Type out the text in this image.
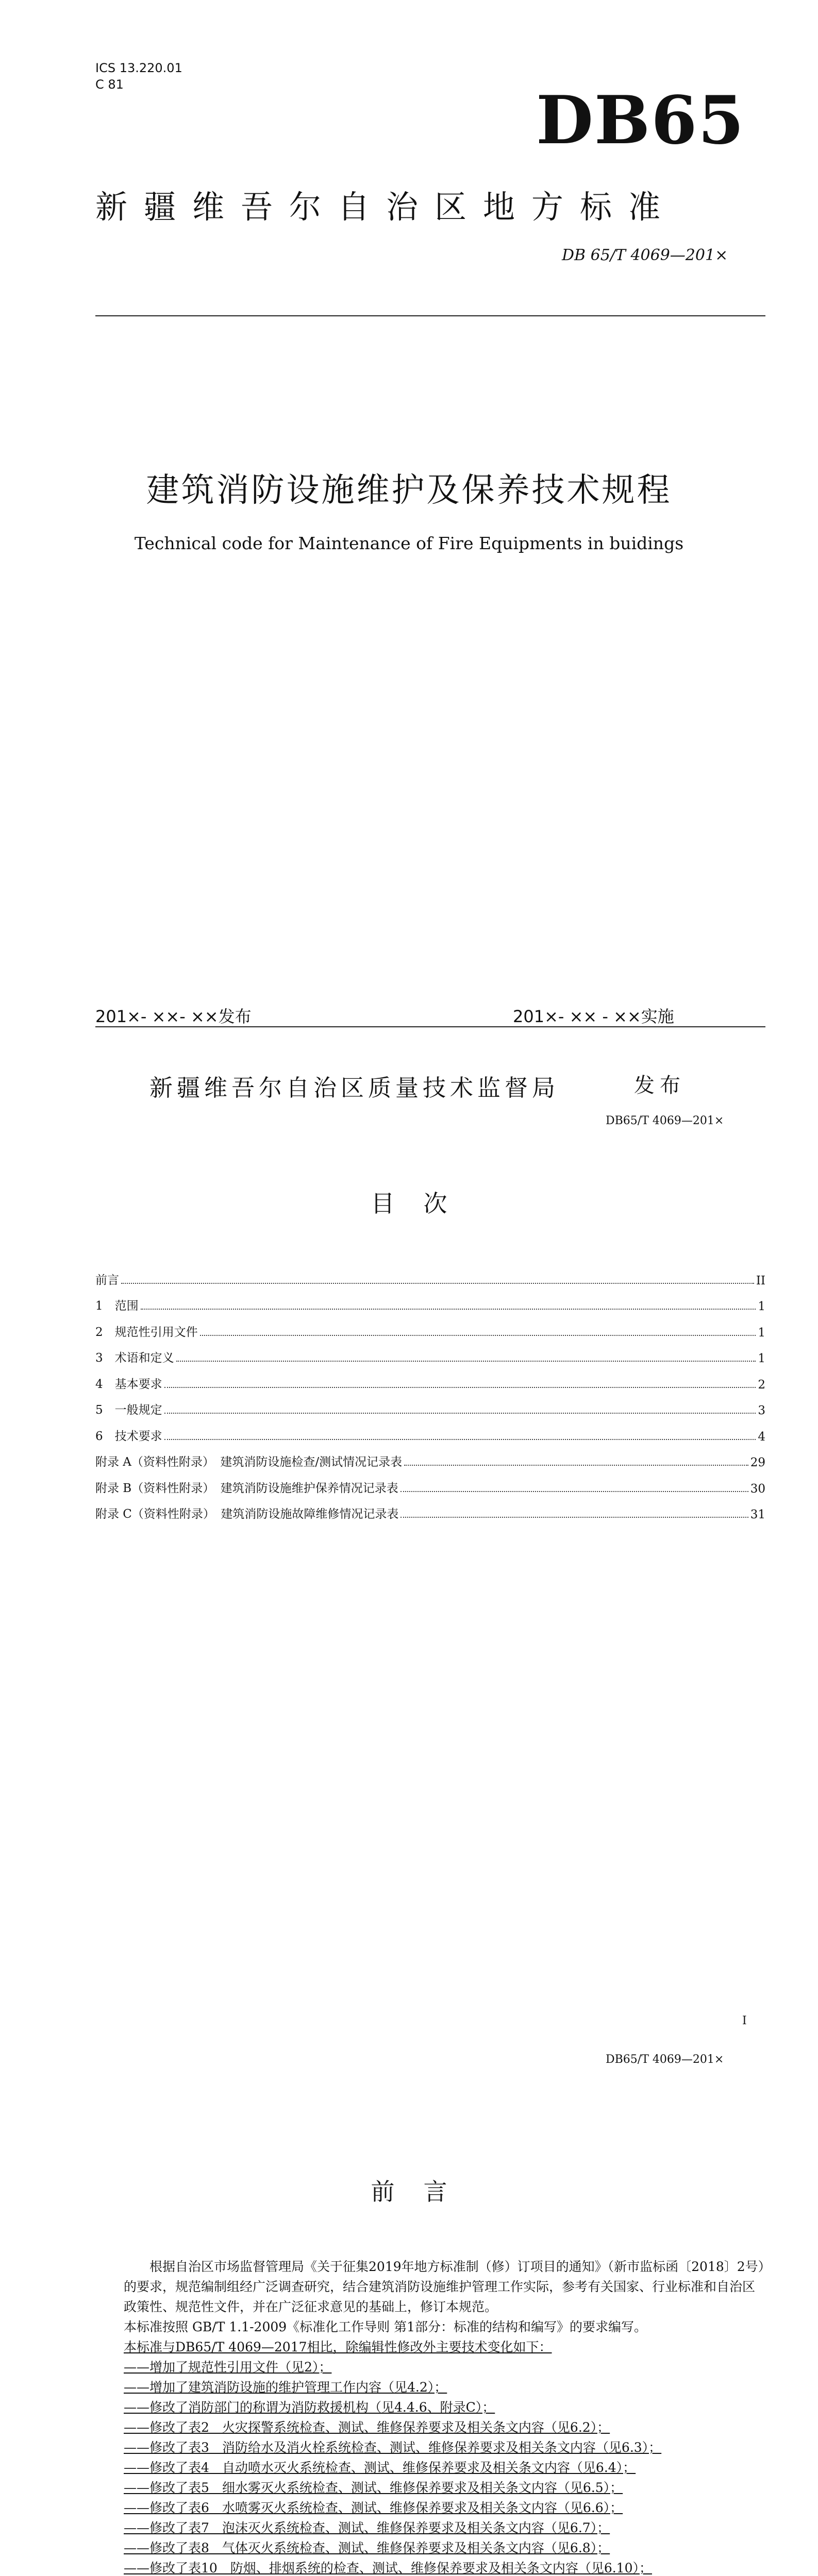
ICS 13.220.01
C 81	DB65
新疆维吾尔自治区地方标准
DB 65/T 4069—201×
建筑消防设施维护及保养技术规程
Technical code for Maintenance of Fire Equipments in buidings
201×- ××- ××发布	201×- ×× - ××实施
新疆维吾尔自治区质量技术监督局	发布
DB65/T 4069—201×
目次
前言	II
1　范围	1
2　规范性引用文件	1
3　术语和定义	1
4　基本要求	2
5　一般规定	3
6　技术要求	4
附录 A（资料性附录）　建筑消防设施检查/测试情况记录表	29
附录 B（资料性附录）　建筑消防设施维护保养情况记录表	30
附录 C（资料性附录）　建筑消防设施故障维修情况记录表	31
I
DB65/T 4069—201×
前言

根据自治区市场监督管理局《关于征集2019年地方标准制（修）订项目的通知》（新市监标函〔2018〕2号）的要求，规范编制组经广泛调查研究，结合建筑消防设施维护管理工作实际，参考有关国家、行业标准和自治区政策性、规范性文件，并在广泛征求意见的基础上，修订本规范。

本标准按照 GB/T 1.1-2009《标准化工作导则 第1部分：标准的结构和编写》的要求编写。

本标准与DB65/T 4069—2017相比，除编辑性修改外主要技术变化如下：

——增加了规范性引用文件（见2）；

——增加了建筑消防设施的维护管理工作内容（见4.2）；

——修改了消防部门的称谓为消防救援机构（见4.4.6、附录C）；

——修改了表2　火灾探警系统检查、测试、维修保养要求及相关条文内容（见6.2）；

——修改了表3　消防给水及消火栓系统检查、测试、维修保养要求及相关条文内容（见6.3）；

——修改了表4　自动喷水灭火系统检查、测试、维修保养要求及相关条文内容（见6.4）；

——修改了表5　细水雾灭火系统检查、测试、维修保养要求及相关条文内容（见6.5）；

——修改了表6　水喷雾灭火系统检查、测试、维修保养要求及相关条文内容（见6.6）；

——修改了表7　泡沫灭火系统检查、测试、维修保养要求及相关条文内容（见6.7）；

——修改了表8　气体灭火系统检查、测试、维修保养要求及相关条文内容（见6.8）；

——修改了表10　防烟、排烟系统的检查、测试、维修保养要求及相关条文内容（见6.10）；
